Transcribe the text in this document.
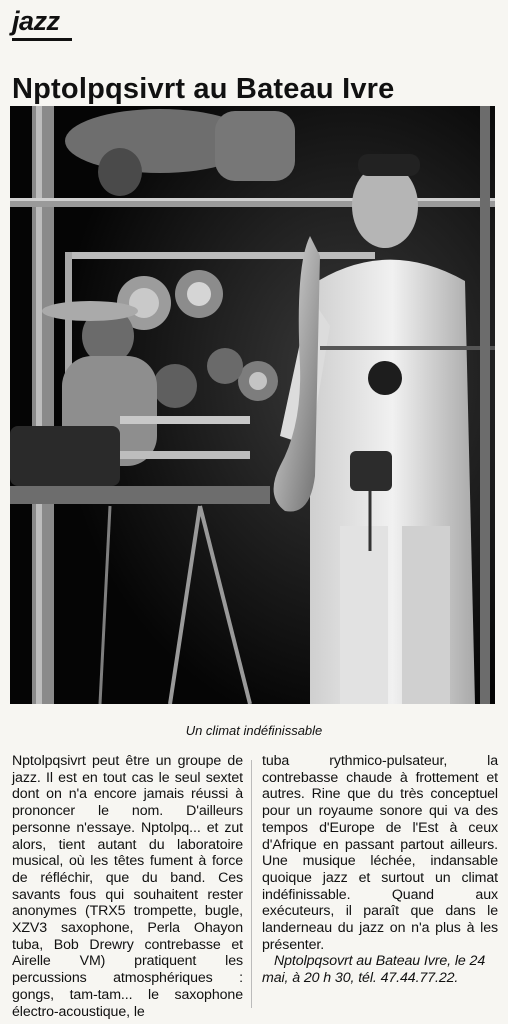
jazz
Nptolpqsivrt au Bateau Ivre
Un climat indéfinissable

Nptolpqsivrt peut être un groupe de jazz. Il est en tout cas le seul sextet dont on n'a encore jamais réussi à prononcer le nom. D'ailleurs personne n'essaye. Nptolpq... et zut alors, tient autant du laboratoire musical, où les têtes fument à force de réfléchir, que du band. Ces savants fous qui souhaitent rester anonymes (TRX5 trompette, bugle, XZV3 saxophone, Perla Ohayon tuba, Bob Drewry contrebasse et Airelle VM) pratiquent les percussions atmosphériques : gongs, tam-tam... le saxophone électro-acoustique, le

tuba rythmico-pulsateur, la contrebasse chaude à frottement et autres. Rine que du très conceptuel pour un royaume sonore qui va des tempos d'Europe de l'Est à ceux d'Afrique en passant partout ailleurs. Une musique léchée, indansable quoique jazz et surtout un climat indéfinissable. Quand aux exécuteurs, il paraît que dans le landerneau du jazz on n'a plus à les présenter.

Nptolpqsovrt au Bateau Ivre, le 24 mai, à 20 h 30, tél. 47.44.77.22.
